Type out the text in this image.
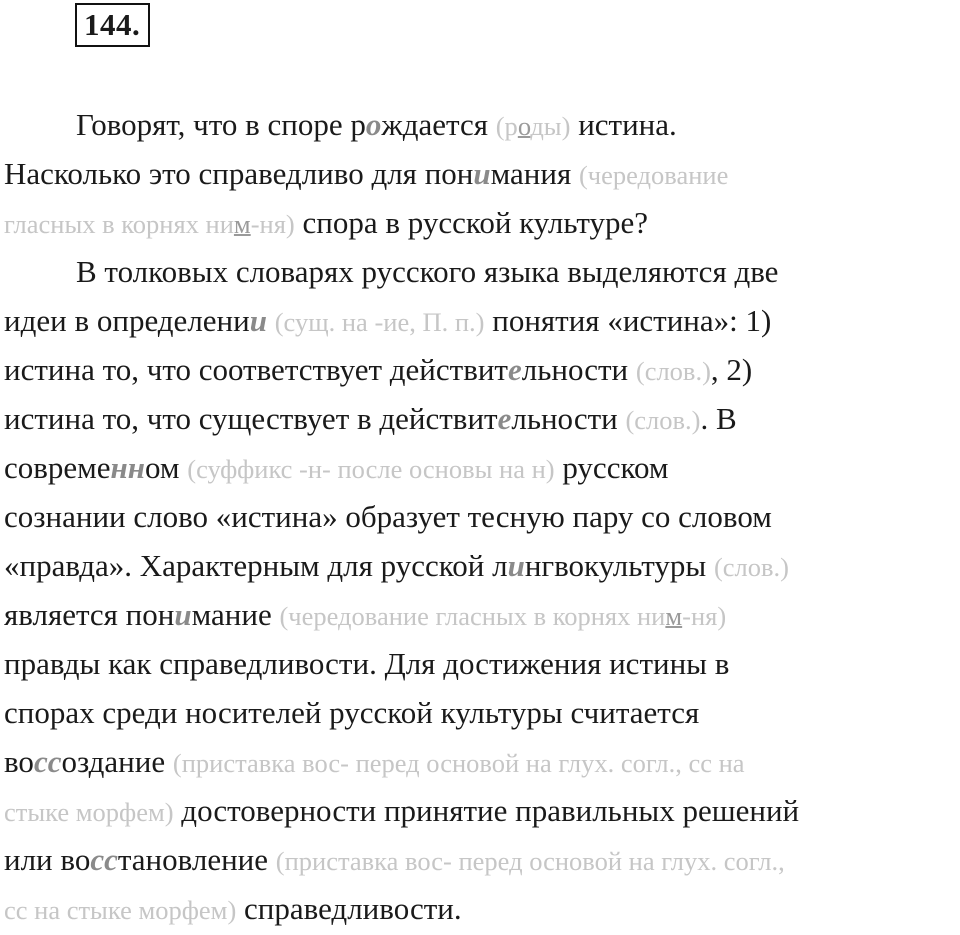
144.
Говорят, что в споре рождается (роды) истина.
Насколько это справедливо для понимания (чередование
гласных в корнях ним-ня) спора в русской культуре?
В толковых словарях русского языка выделяются две
идеи в определении (сущ. на -ие, П. п.) понятия «истина»: 1)
истина то, что соответствует действительности (слов.), 2)
истина то, что существует в действительности (слов.). В
современном (суффикс -н- после основы на н) русском
сознании слово «истина» образует тесную пару со словом
«правда». Характерным для русской лингвокультуры (слов.)
является понимание (чередование гласных в корнях ним-ня)
правды как справедливости. Для достижения истины в
спорах среди носителей русской культуры считается
воссоздание (приставка вос- перед основой на глух. согл., сс на
стыке морфем) достоверности принятие правильных решений
или восстановление (приставка вос- перед основой на глух. согл.,
сс на стыке морфем) справедливости.
